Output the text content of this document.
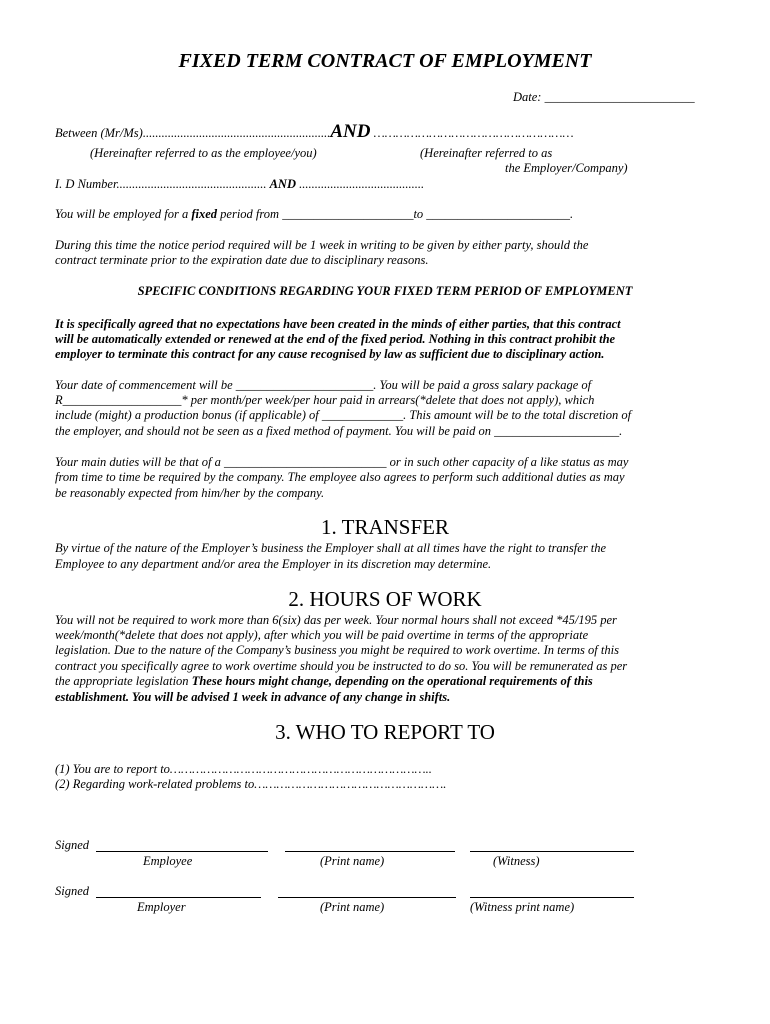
FIXED TERM CONTRACT OF EMPLOYMENT
Date: ________________________
Between (Mr/Ms)............................................................AND ………………………………………………
(Hereinafter referred to as the employee/you)	(Hereinafter referred to as
the Employer/Company)
I. D Number................................................ AND ........................................
You will be employed for a fixed period from _____________________to _______________________.
During this time the notice period required will be 1 week in writing to be given by either party, should the
contract terminate prior to the expiration date due to disciplinary reasons.
SPECIFIC CONDITIONS REGARDING YOUR FIXED TERM PERIOD OF EMPLOYMENT
It is specifically agreed that no expectations have been created in the minds of either parties, that this contract
will be automatically extended or renewed at the end of the fixed period. Nothing in this contract prohibit the
employer to terminate this contract for any cause recognised by law as sufficient due to disciplinary action.
Your date of commencement will be ______________________. You will be paid a gross salary package of
R___________________* per month/per week/per hour paid in arrears(*delete that does not apply), which
include (might) a production bonus (if applicable) of _____________. This amount will be to the total discretion of
the employer, and should not be seen as a fixed method of payment. You will be paid on ____________________.
Your main duties will be that of a __________________________ or in such other capacity of a like status as may
from time to time be required by the company. The employee also agrees to perform such additional duties as may
be reasonably expected from him/her by the company.
1. TRANSFER
By virtue of the nature of the Employer’s business the Employer shall at all times have the right to transfer the
Employee to any department and/or area the Employer in its discretion may determine.
2. HOURS OF WORK
You will not be required to work more than 6(six) das per week. Your normal hours shall not exceed *45/195 per
week/month(*delete that does not apply), after which you will be paid overtime in terms of the appropriate
legislation. Due to the nature of the Company’s business you might be required to work overtime. In terms of this
contract you specifically agree to work overtime should you be instructed to do so. You will be remunerated as per
the appropriate legislation These hours might change, depending on the operational requirements of this
establishment. You will be advised 1 week in advance of any change in shifts.
3. WHO TO REPORT TO
(1) You are to report to……………………………………………………………..
(2) Regarding work-related problems to…………………………………………….
Signed
Employee	(Print name)	(Witness)
Signed
Employer	(Print name)	(Witness print name)
